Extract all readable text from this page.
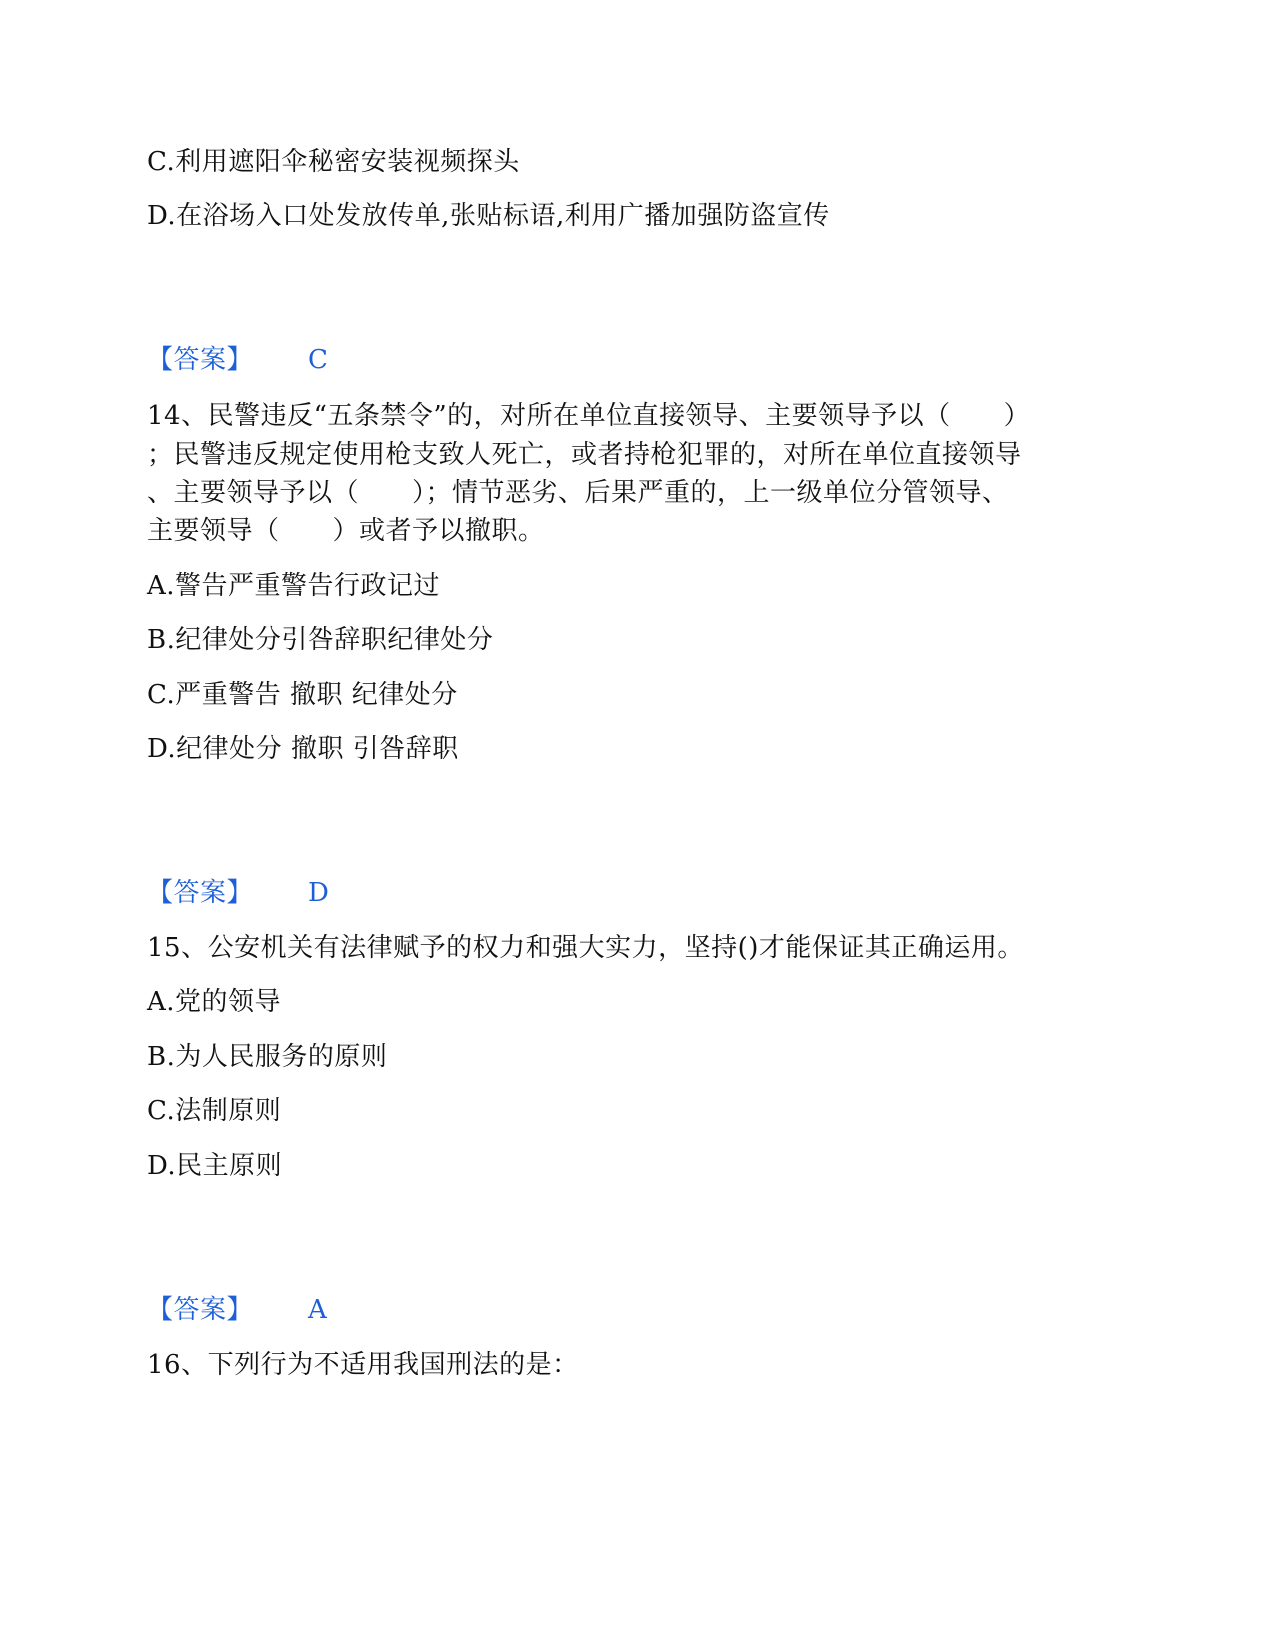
C.利用遮阳伞秘密安装视频探头
D.在浴场入口处发放传单,张贴标语,利用广播加强防盗宣传
【答案】 C
14、民警违反“五条禁令”的，对所在单位直接领导、主要领导予以（　　）
；民警违反规定使用枪支致人死亡，或者持枪犯罪的，对所在单位直接领导
、主要领导予以（　　）；情节恶劣、后果严重的，上一级单位分管领导、
主要领导（　　）或者予以撤职。
A.警告严重警告行政记过
B.纪律处分引咎辞职纪律处分
C.严重警告 撤职 纪律处分
D.纪律处分 撤职 引咎辞职
【答案】 D
15、公安机关有法律赋予的权力和强大实力，坚持()才能保证其正确运用。
A.党的领导
B.为人民服务的原则
C.法制原则
D.民主原则
【答案】 A
16、下列行为不适用我国刑法的是：
